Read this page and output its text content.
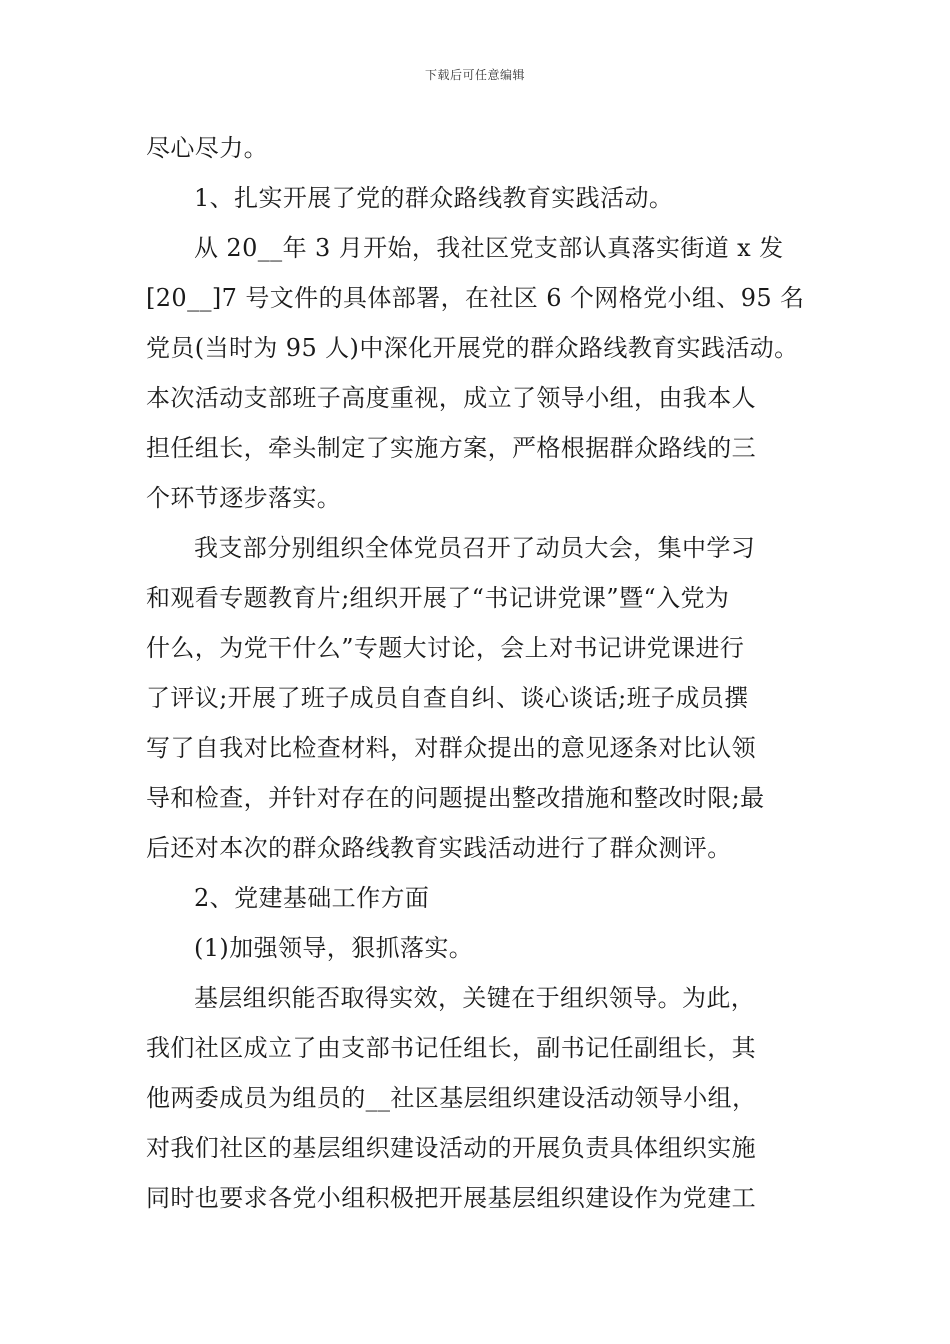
下载后可任意编辑
尽心尽力。
1、扎实开展了党的群众路线教育实践活动。
从 20__年 3 月开始，我社区党支部认真落实街道 x 发
[20__]7 号文件的具体部署，在社区 6 个网格党小组、95 名
党员(当时为 95 人)中深化开展党的群众路线教育实践活动。
本次活动支部班子高度重视，成立了领导小组，由我本人
担任组长，牵头制定了实施方案，严格根据群众路线的三
个环节逐步落实。
我支部分别组织全体党员召开了动员大会，集中学习
和观看专题教育片;组织开展了“书记讲党课”暨“入党为
什么，为党干什么”专题大讨论，会上对书记讲党课进行
了评议;开展了班子成员自查自纠、谈心谈话;班子成员撰
写了自我对比检查材料，对群众提出的意见逐条对比认领
导和检查，并针对存在的问题提出整改措施和整改时限;最
后还对本次的群众路线教育实践活动进行了群众测评。
2、党建基础工作方面
(1)加强领导，狠抓落实。
基层组织能否取得实效，关键在于组织领导。为此，
我们社区成立了由支部书记任组长，副书记任副组长，其
他两委成员为组员的__社区基层组织建设活动领导小组，
对我们社区的基层组织建设活动的开展负责具体组织实施
同时也要求各党小组积极把开展基层组织建设作为党建工
